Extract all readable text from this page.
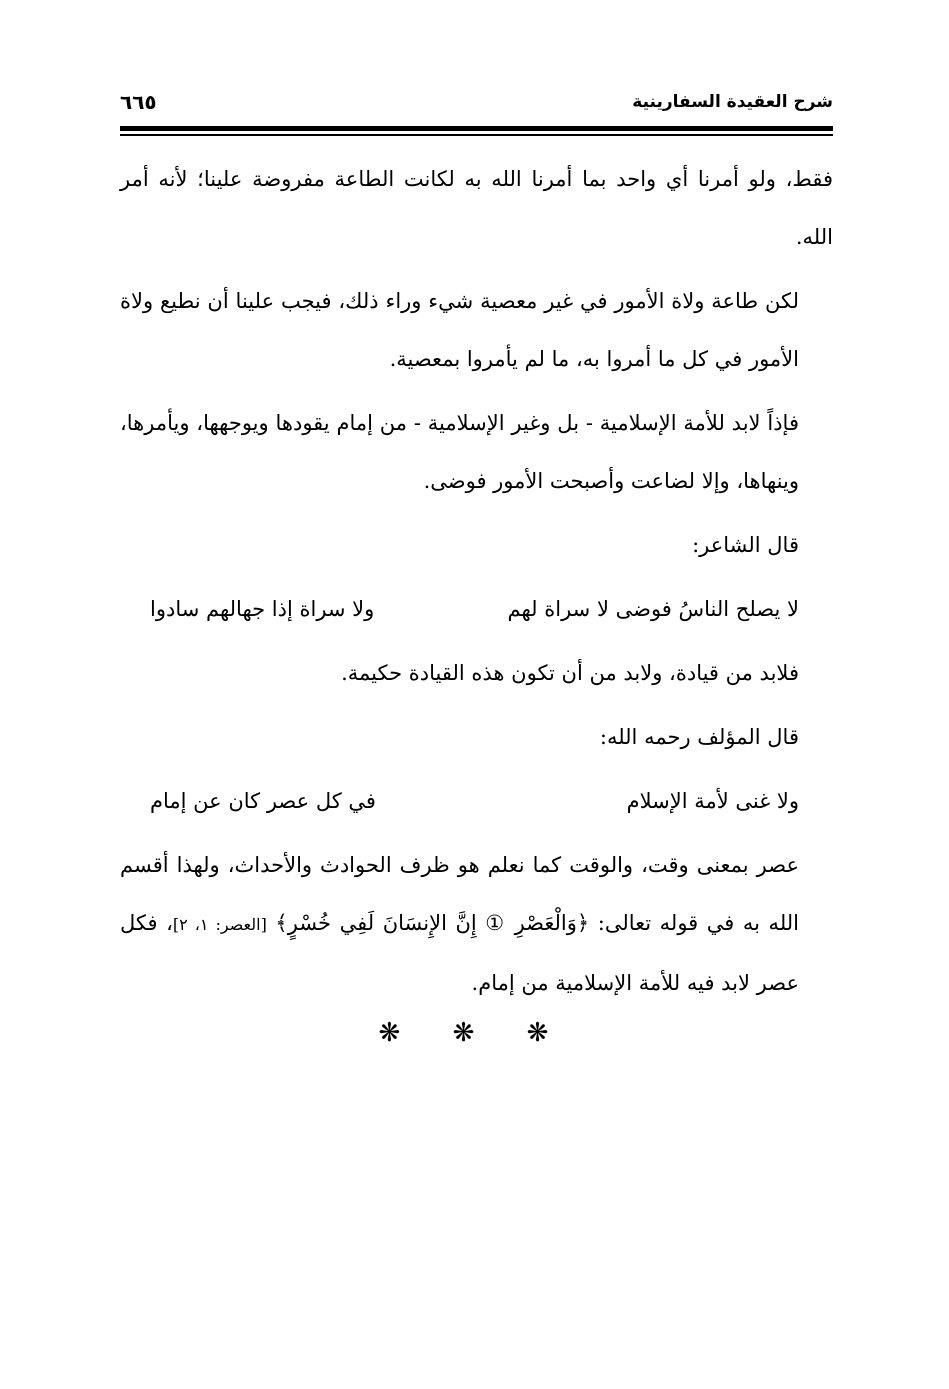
شرح العقيدة السفارينية
٦٦٥

فقط، ولو أمرنا أي واحد بما أمرنا الله به لكانت الطاعة مفروضة علينا؛ لأنه أمر الله.

لكن طاعة ولاة الأمور في غير معصية شيء وراء ذلك، فيجب علينا أن نطيع ولاة الأمور في كل ما أمروا به، ما لم يأمروا بمعصية.

فإذاً لابد للأمة الإسلامية - بل وغير الإسلامية - من إمام يقودها ويوجهها، ويأمرها، وينهاها، وإلا لضاعت وأصبحت الأمور فوضى.

قال الشاعر:

لا يصلح الناسُ فوضى لا سراة لهم
ولا سراة إذا جهالهم سادوا

فلابد من قيادة، ولابد من أن تكون هذه القيادة حكيمة.

قال المؤلف رحمه الله:

ولا غنى لأمة الإسلام
في كل عصر كان عن إمام

عصر بمعنى وقت، والوقت كما نعلم هو ظرف الحوادث والأحداث، ولهذا أقسم الله به في قوله تعالى: ﴿وَالْعَصْرِ ① إِنَّ الإِنسَانَ لَفِي خُسْرٍ﴾ [العصر: ١، ٢]، فكل عصر لابد فيه للأمة الإسلامية من إمام.

❋ ❋ ❋
